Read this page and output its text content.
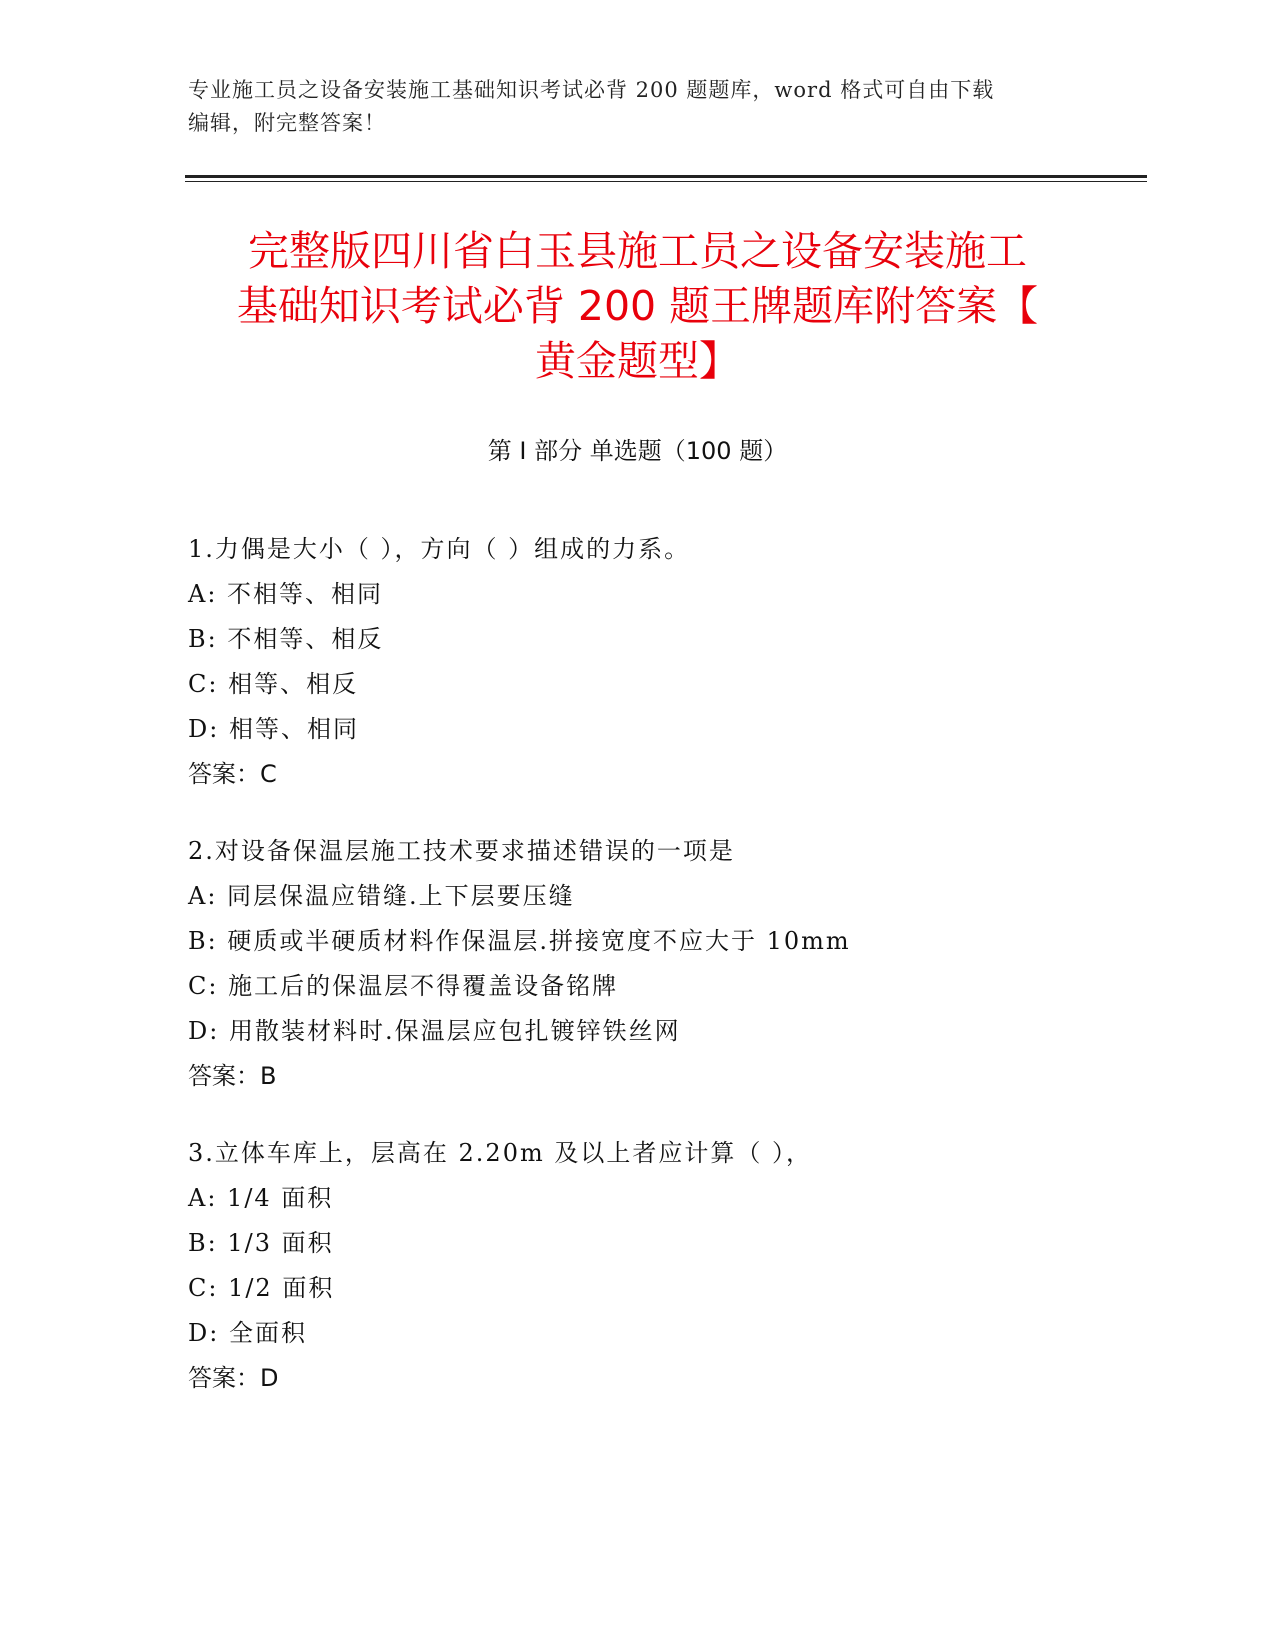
专业施工员之设备安装施工基础知识考试必背 200 题题库，word 格式可自由下载
编辑，附完整答案！
完整版四川省白玉县施工员之设备安装施工
基础知识考试必背 200 题王牌题库附答案【
黄金题型】
第 I 部分 单选题（100 题）
1.力偶是大小（ ），方向（ ）组成的力系。
A: 不相等、相同
B: 不相等、相反
C: 相等、相反
D: 相等、相同
答案：C
2.对设备保温层施工技术要求描述错误的一项是
A: 同层保温应错缝.上下层要压缝
B: 硬质或半硬质材料作保温层.拼接宽度不应大于 10mm
C: 施工后的保温层不得覆盖设备铭牌
D: 用散装材料时.保温层应包扎镀锌铁丝网
答案：B
3.立体车库上，层高在 2.20m 及以上者应计算（ ），
A: 1/4 面积
B: 1/3 面积
C: 1/2 面积
D: 全面积
答案：D
